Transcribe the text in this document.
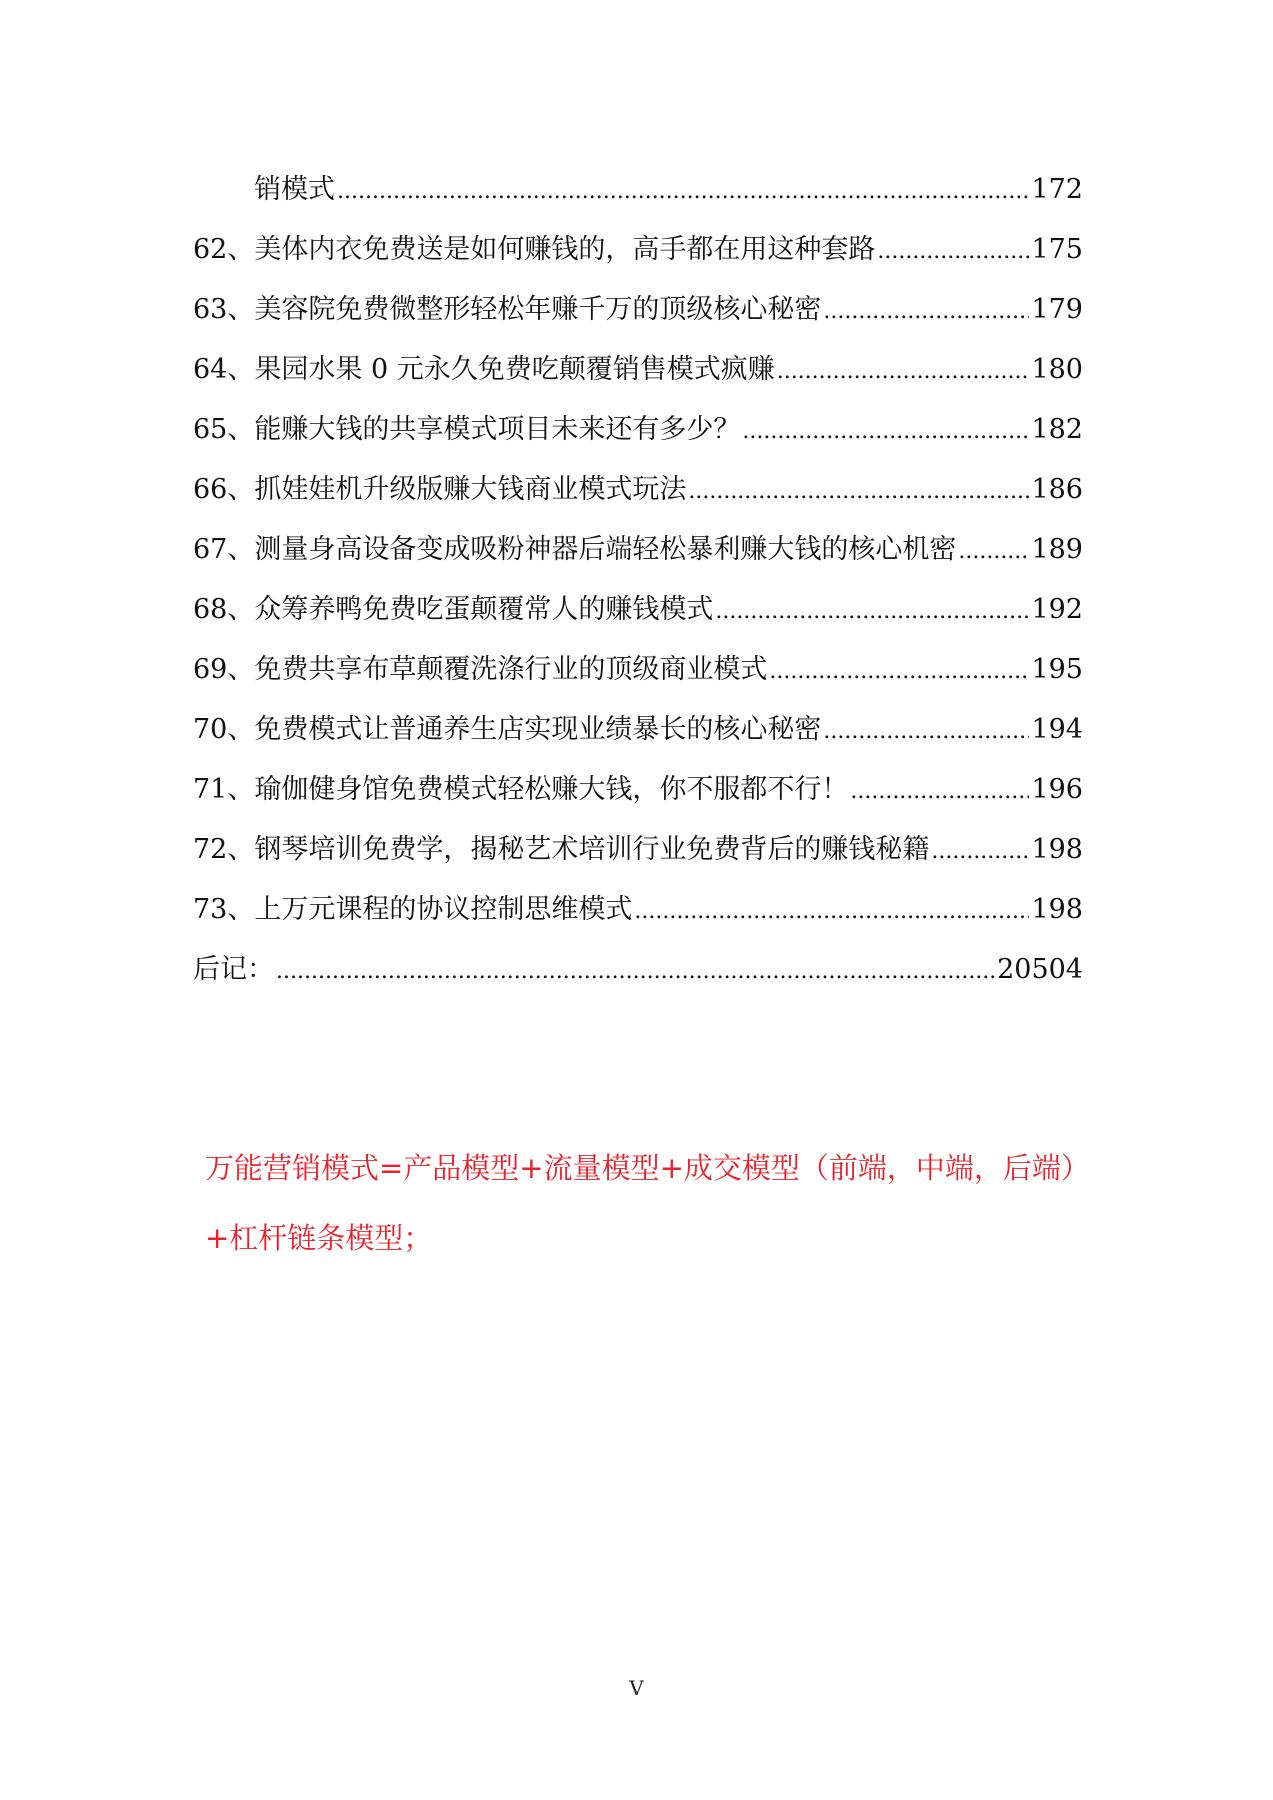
销模式 .....	172
62、 美体内衣免费送是如何赚钱的，高手都在用这种套路 .....	175
63、 美容院免费微整形轻松年赚千万的顶级核心秘密 .....	179
64、 果园水果 0 元永久免费吃颠覆销售模式疯赚 .....	180
65、 能赚大钱的共享模式项目未来还有多少？ .....	182
66、 抓娃娃机升级版赚大钱商业模式玩法 .....	186
67、 测量身高设备变成吸粉神器后端轻松暴利赚大钱的核心机密 .....	189
68、 众筹养鸭免费吃蛋颠覆常人的赚钱模式 .....	192
69、 免费共享布草颠覆洗涤行业的顶级商业模式 .....	195
70、 免费模式让普通养生店实现业绩暴长的核心秘密 .....	194
71、 瑜伽健身馆免费模式轻松赚大钱，你不服都不行！ .....	196
72、 钢琴培训免费学，揭秘艺术培训行业免费背后的赚钱秘籍 .....	198
73、 上万元课程的协议控制思维模式 .....	198
后记： .....	20504
万能营销模式=产品模型+流量模型+成交模型（前端，中端，后端）
+杠杆链条模型；
V
